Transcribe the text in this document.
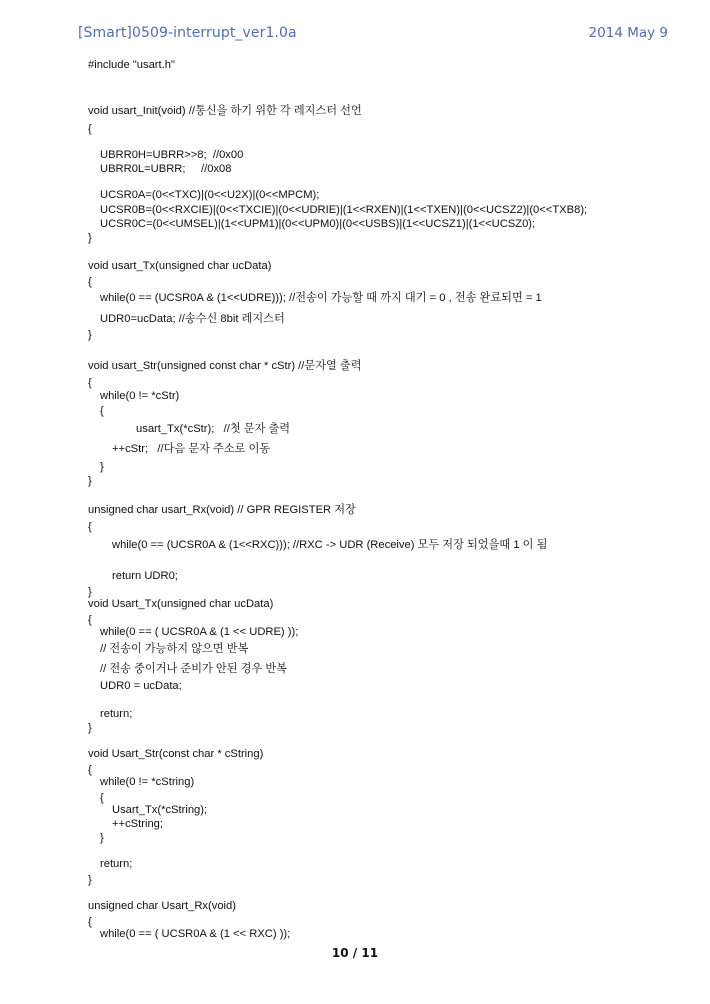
[Smart]0509-interrupt_ver1.0a	2014 May 9
#include "usart.h"
void usart_Init(void) //통신을 하기 위한 각 레지스터 선언
{
UBRR0H=UBRR>>8;  //0x00
UBRR0L=UBRR;     //0x08
UCSR0A=(0<<TXC)|(0<<U2X)|(0<<MPCM);
UCSR0B=(0<<RXCIE)|(0<<TXCIE)|(0<<UDRIE)|(1<<RXEN)|(1<<TXEN)|(0<<UCSZ2)|(0<<TXB8);
UCSR0C=(0<<UMSEL)|(1<<UPM1)|(0<<UPM0)|(0<<USBS)|(1<<UCSZ1)|(1<<UCSZ0);
}
void usart_Tx(unsigned char ucData)
{
while(0 == (UCSR0A & (1<<UDRE))); //전송이 가능할 때 까지 대기 = 0 , 전송 완료되면 = 1
UDR0=ucData; //송수신 8bit 레지스터
}
void usart_Str(unsigned const char * cStr) //문자열 출력
{
while(0 != *cStr)
{
usart_Tx(*cStr);   //첫 문자 출력
++cStr;   //다음 문자 주소로 이동
}
}
unsigned char usart_Rx(void) // GPR REGISTER 저장
{
while(0 == (UCSR0A & (1<<RXC))); //RXC -> UDR (Receive) 모두 저장 되었을때 1 이 됨
return UDR0;
}
void Usart_Tx(unsigned char ucData)
{
while(0 == ( UCSR0A & (1 << UDRE) ));
// 전송이 가능하지 않으면 반복
// 전송 중이거나 준비가 안된 경우 반복
UDR0 = ucData;
return;
}
void Usart_Str(const char * cString)
{
while(0 != *cString)
{
Usart_Tx(*cString);
++cString;
}
return;
}
unsigned char Usart_Rx(void)
{
while(0 == ( UCSR0A & (1 << RXC) ));
10 / 11
